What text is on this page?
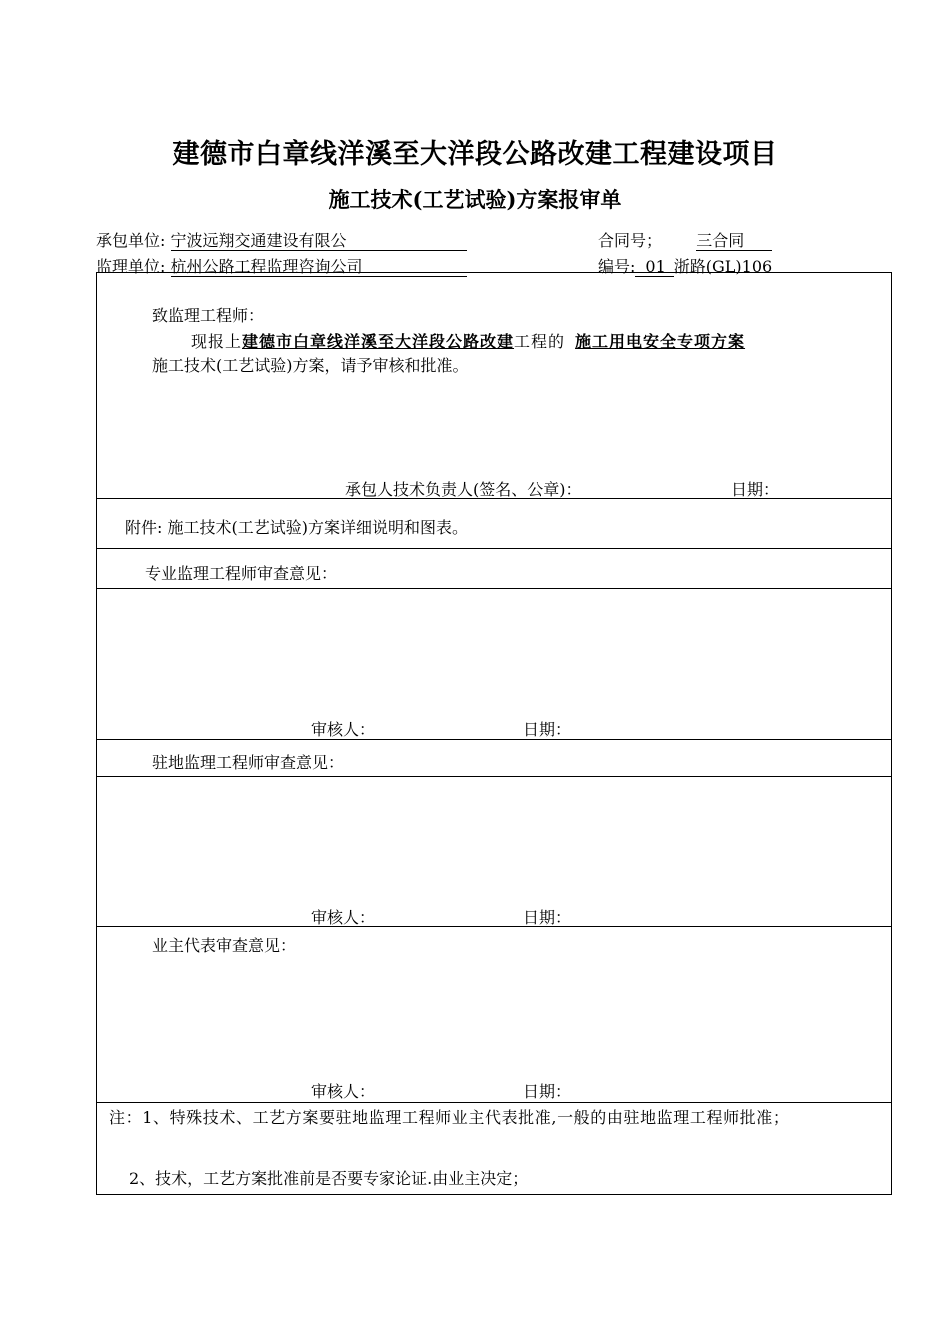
建德市白章线洋溪至大洋段公路改建工程建设项目
施工技术(工艺试验)方案报审单
承包单位: 宁波远翔交通建设有限公	合同号； 三合同
监理单位: 杭州公路工程监理咨询公司	编号: 01 浙路(GL)106
致监理工程师：
现报上建德市白章线洋溪至大洋段公路改建工程的 施工用电安全专项方案
施工技术(工艺试验)方案，请予审核和批准。
承包人技术负责人(签名、公章)：	日期：
附件: 施工技术(工艺试验)方案详细说明和图表。
专业监理工程师审查意见：
审核人：	日期：
驻地监理工程师审查意见：
审核人：	日期：
业主代表审查意见：
审核人：	日期：
注：1、特殊技术、工艺方案要驻地监理工程师业主代表批准,一般的由驻地监理工程师批准；
2、技术，工艺方案批准前是否要专家论证.由业主决定；
